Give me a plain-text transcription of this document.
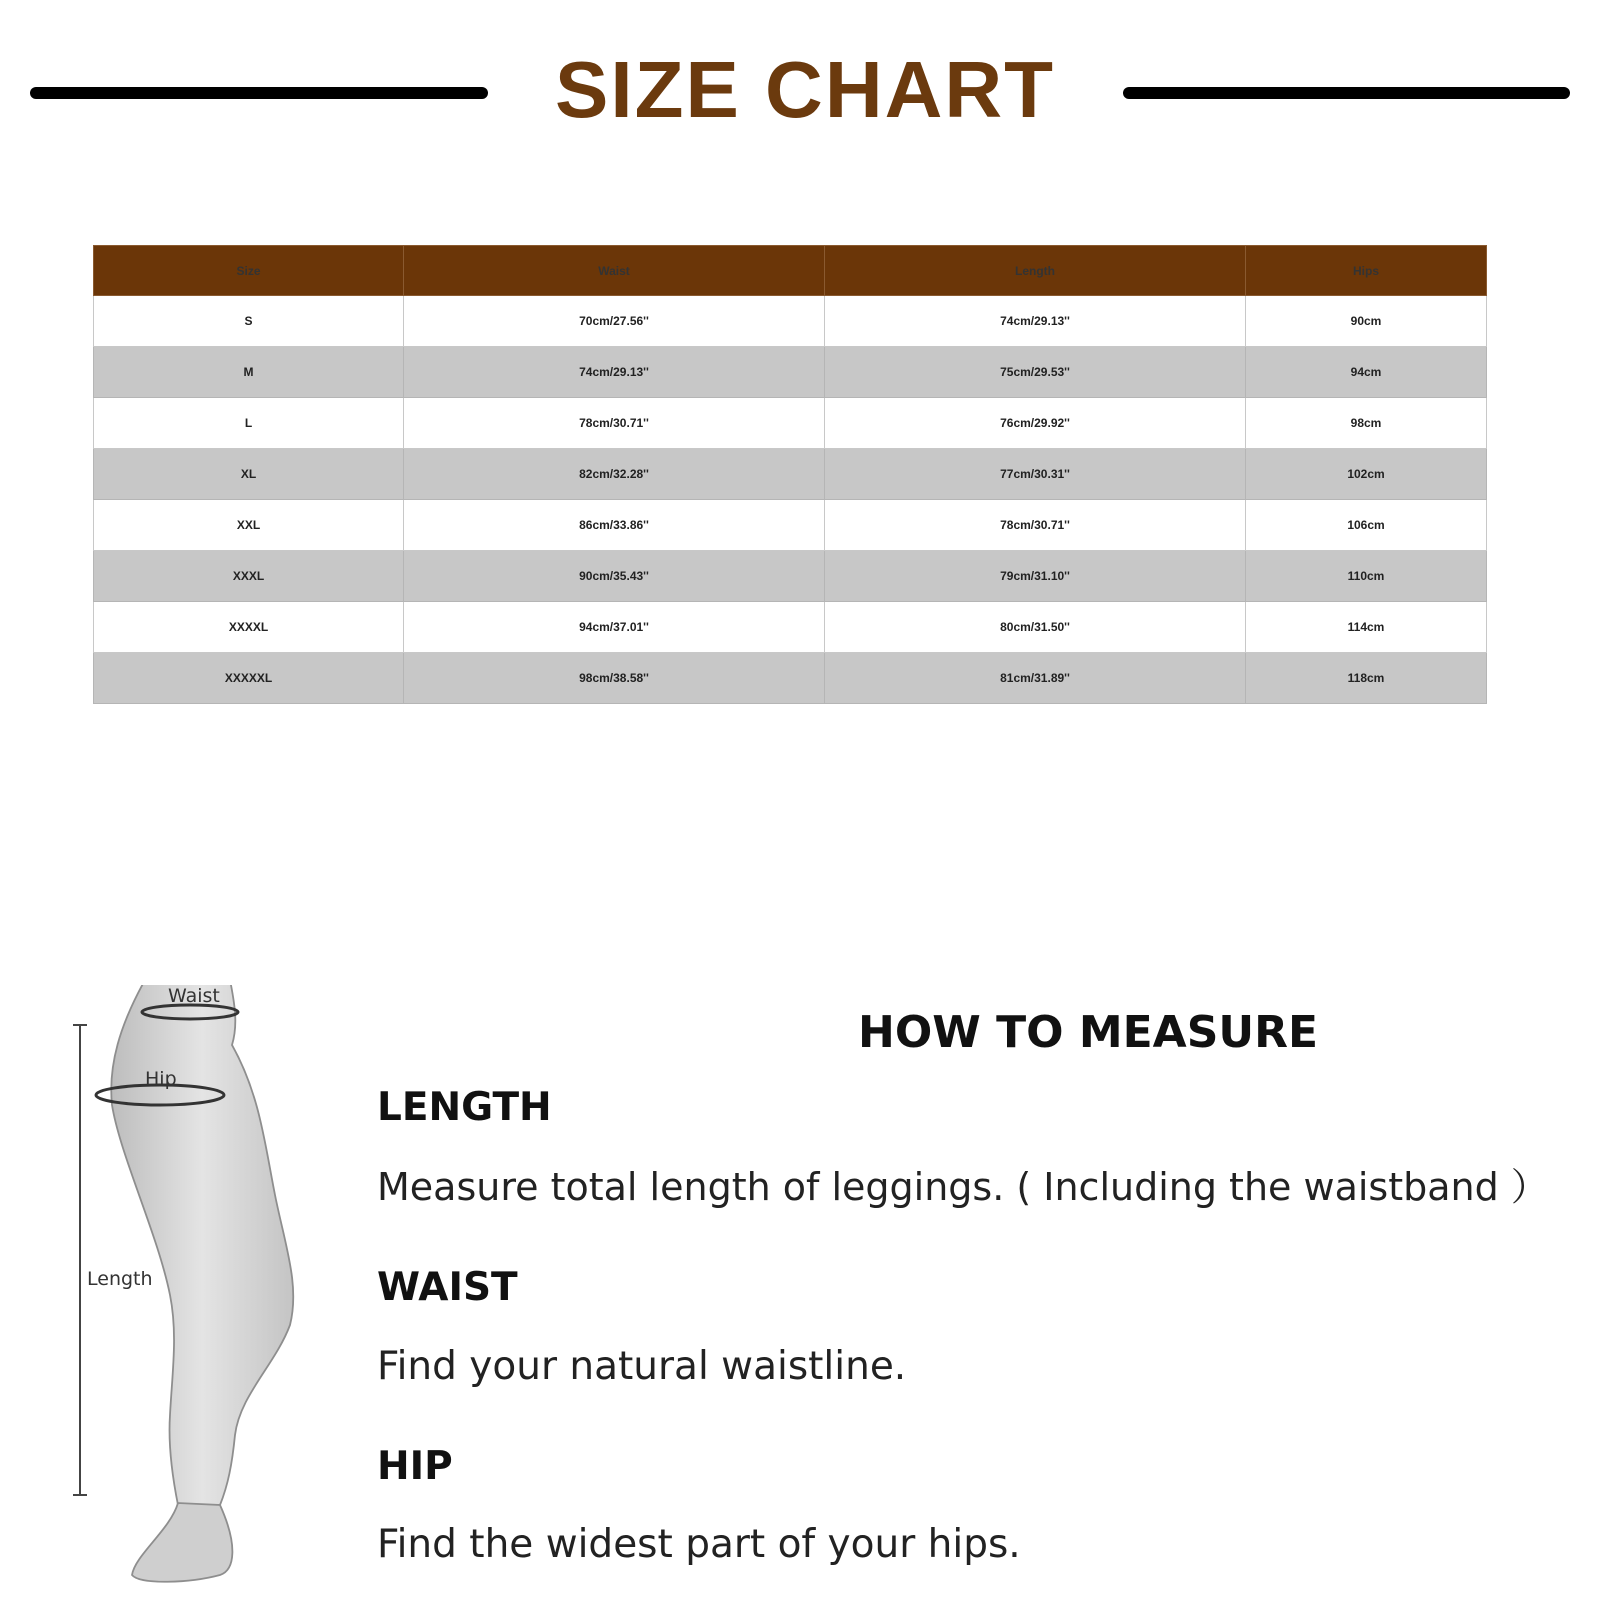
SIZE CHART
Size	Waist	Length	Hips
S	70cm/27.56''	74cm/29.13''	90cm
M	74cm/29.13''	75cm/29.53''	94cm
L	78cm/30.71''	76cm/29.92''	98cm
XL	82cm/32.28''	77cm/30.31''	102cm
XXL	86cm/33.86''	78cm/30.71''	106cm
XXXL	90cm/35.43''	79cm/31.10''	110cm
XXXXL	94cm/37.01''	80cm/31.50''	114cm
XXXXXL	98cm/38.58''	81cm/31.89''	118cm
Waist
Hip
Length
HOW TO MEASURE
LENGTH
Measure total length of leggings. ( Including the waistband ）
WAIST
Find your natural waistline.
HIP
Find the widest part of your hips.
